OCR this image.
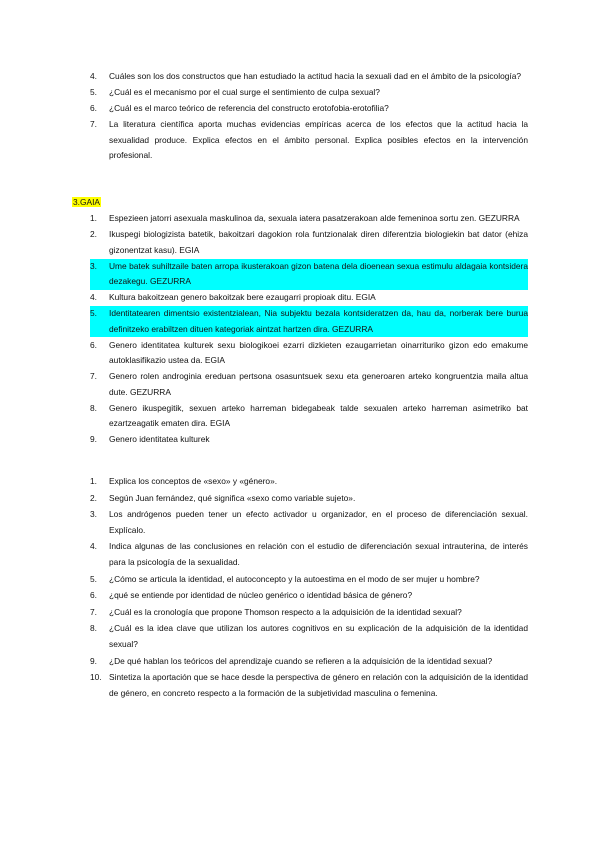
4. Cuáles son los dos constructos que han estudiado la actitud hacia la sexuali dad en el ámbito de la psicología?
5. ¿Cuál es el mecanismo por el cual surge el sentimiento de culpa sexual?
6. ¿Cuál es el marco teórico de referencia del constructo erotofobia-erotofilia?
7. La literatura científica aporta muchas evidencias empíricas acerca de los efectos que la actitud hacia la sexualidad produce. Explica efectos en el ámbito personal. Explica posibles efectos en la intervención profesional.
3.GAIA
1. Espezieen jatorri asexuala maskulinoa da, sexuala iatera pasatzerakoan alde femeninoa sortu zen. GEZURRA
2. Ikuspegi biologizista batetik, bakoitzari dagokion rola funtzionalak diren diferentzia biologiekin bat dator (ehiza gizonentzat kasu). EGIA
3. Ume batek suhiltzaile baten arropa ikusterakoan gizon batena dela dioenean sexua estimulu aldagaia kontsidera dezakegu. GEZURRA
4. Kultura bakoitzean genero bakoitzak bere ezaugarri propioak ditu. EGIA
5. Identitatearen dimentsio existentzialean, Nia subjektu bezala kontsideratzen da, hau da, norberak bere burua definitzeko erabiltzen dituen kategoriak aintzat hartzen dira. GEZURRA
6. Genero identitatea kulturek sexu biologikoei ezarri dizkieten ezaugarrietan oinarrituriko gizon edo emakume autoklasifikazio ustea da. EGIA
7. Genero rolen androginia ereduan pertsona osasuntsuek sexu eta generoaren arteko kongruentzia maila altua dute. GEZURRA
8. Genero ikuspegitik, sexuen arteko harreman bidegabeak talde sexualen arteko harreman asimetriko bat ezartzeagatik ematen dira. EGIA
9. Genero identitatea kulturek
1. Explica los conceptos de «sexo» y «género».
2. Según Juan fernández, qué significa «sexo como variable sujeto».
3. Los andrógenos pueden tener un efecto activador u organizador, en el proceso de diferenciación sexual. Explícalo.
4. Indica algunas de las conclusiones en relación con el estudio de diferenciación sexual intrauterina, de interés para la psicología de la sexualidad.
5. ¿Cómo se articula la identidad, el autoconcepto y la autoestima en el modo de ser mujer u hombre?
6. ¿qué se entiende por identidad de núcleo genérico o identidad básica de género?
7. ¿Cuál es la cronología que propone Thomson respecto a la adquisición de la identidad sexual?
8. ¿Cuál es la idea clave que utilizan los autores cognitivos en su explicación de la adquisición de la identidad sexual?
9. ¿De qué hablan los teóricos del aprendizaje cuando se refieren a la adquisición de la identidad sexual?
10. Sintetiza la aportación que se hace desde la perspectiva de género en relación con la adquisición de la identidad de género, en concreto respecto a la formación de la subjetividad masculina o femenina.
